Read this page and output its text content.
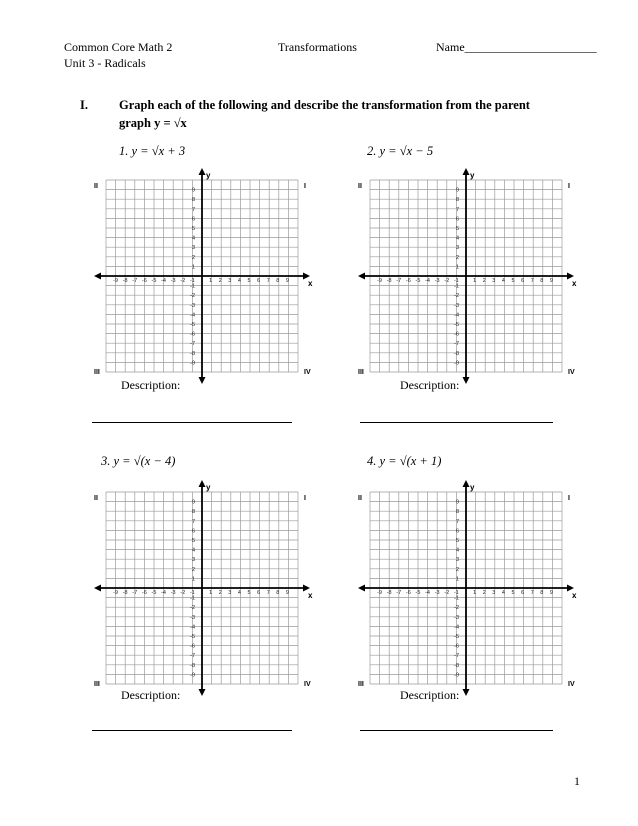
Common Core Math 2
Unit 3 - Radicals
Transformations	Name______________________
I. Graph each of the following and describe the transformation from the parent
graph y = √x
1. y = √x + 3	2. y = √x − 5
3. y = √(x − 4)	4. y = √(x + 1)
x
y
-9
-9
-8
-8
-7
-7
-6
-6
-5
-5
-4
-4
-3
-3
-2
-2
-1
-1
1
1
2
2
3
3
4
4
5
5
6
6
7
7
8
8
9
9
I
II
III	IV
x
y
-9
-9
-8
-8
-7
-7
-6
-6
-5
-5
-4
-4
-3
-3
-2
-2
-1
-1
1
1
2
2
3
3
4
4
5
5
6
6
7
7
8
8
9
9
I
II
III	IV
x
y
-9
-9
-8
-8
-7
-7
-6
-6
-5
-5
-4
-4
-3
-3
-2
-2
-1
-1
1
1
2
2
3
3
4
4
5
5
6
6
7
7
8
8
9
9
I
II
III	IV
x
y
-9
-9
-8
-8
-7
-7
-6
-6
-5
-5
-4
-4
-3
-3
-2
-2
-1
-1
1
1
2
2
3
3
4
4
5
5
6
6
7
7
8
8
9
9
I
II
III	IV
Description:	Description:
Description:	Description:
1
